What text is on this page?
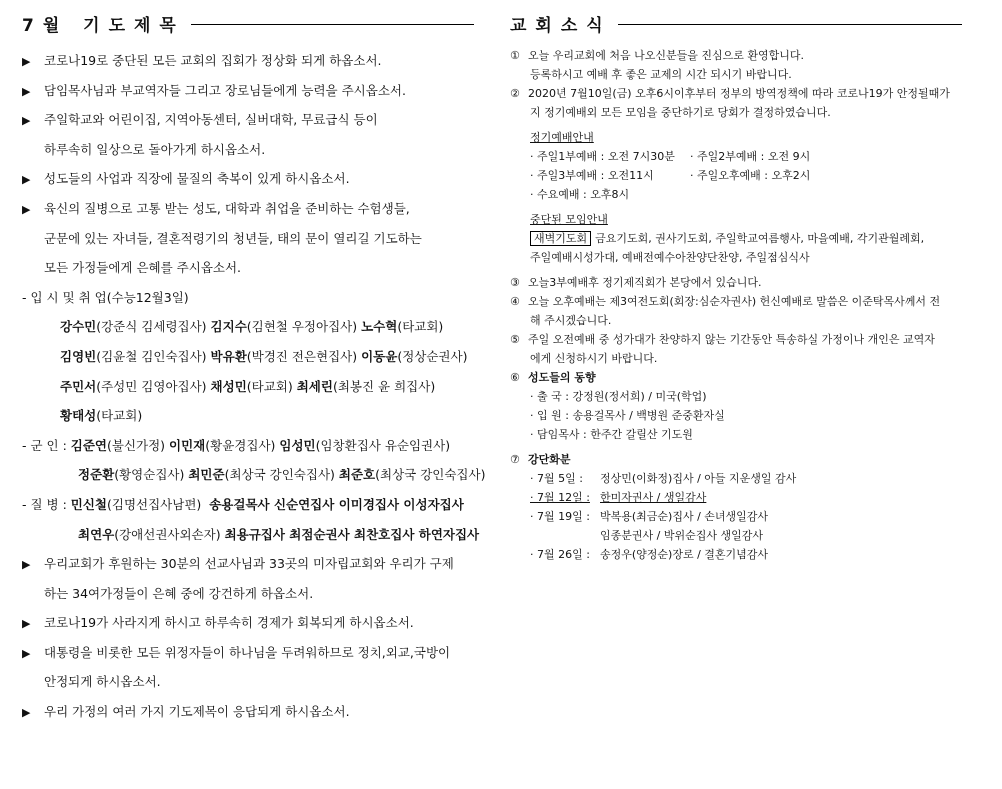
7월 기도제목
▶ 코로나19로 중단된 모든 교회의 집회가 정상화 되게 하옵소서.
▶ 담임목사님과 부교역자들 그리고 장로님들에게 능력을 주시옵소서.
▶ 주일학교와 어린이집, 지역아동센터, 실버대학, 무료급식 등이
하루속히 일상으로 돌아가게 하시옵소서.
▶ 성도들의 사업과 직장에 물질의 축복이 있게 하시옵소서.
▶ 육신의 질병으로 고통 받는 성도, 대학과 취업을 준비하는 수험생들,
군문에 있는 자녀들, 결혼적령기의 청년들, 태의 문이 열리길 기도하는
모든 가정들에게 은혜를 주시옵소서.
- 입 시 및 취 업(수능12월3일)
강수민(강준식 김세령집사) 김지수(김현철 우정아집사) 노수혁(타교회)
김영빈(김윤철 김인숙집사) 박유환(박경진 전은현집사) 이동윤(정상순권사)
주민서(주성민 김영아집사) 채성민(타교회) 최세린(최봉진 윤 희집사)
황태성(타교회)
- 군 인 : 김준연(불신가정) 이민재(황윤경집사) 임성민(임창환집사 유순임권사)
정준환(황영순집사) 최민준(최상국 강인숙집사) 최준호(최상국 강인숙집사)
- 질 병 : 민신철(김명선집사남편) 송용걸목사 신순연집사 이미경집사 이성자집사
최연우(강애선권사외손자) 최용규집사 최점순권사 최찬호집사 하연자집사
▶ 우리교회가 후원하는 30분의 선교사님과 33곳의 미자립교회와 우리가 구제
하는 34여가정들이 은혜 중에 강건하게 하옵소서.
▶ 코로나19가 사라지게 하시고 하루속히 경제가 회복되게 하시옵소서.
▶ 대통령을 비롯한 모든 위정자들이 하나님을 두려워하므로 정치,외교,국방이
안정되게 하시옵소서.
▶ 우리 가정의 여러 가지 기도제목이 응답되게 하시옵소서.
교회소식
① 오늘 우리교회에 처음 나오신분들을 진심으로 환영합니다.
등록하시고 예배 후 좋은 교제의 시간 되시기 바랍니다.
② 2020년 7월10일(금) 오후6시이후부터 정부의 방역정책에 따라 코로나19가 안정될때가
지 정기예배외 모든 모임을 중단하기로 당회가 결정하였습니다.
정기예배안내
· 주일1부예배 : 오전 7시30분 · 주일2부예배 : 오전 9시
· 주일3부예배 : 오전11시	· 주일오후예배 : 오후2시
· 수요예배 : 오후8시
중단된 모임안내
새벽기도회 금요기도회, 권사기도회, 주일학교여름행사, 마을예배, 각기관월례회,
주일예배시성가대, 예배전예수아찬양단찬양, 주일점심식사
③ 오늘3부예배후 정기제직회가 본당에서 있습니다.
④ 오늘 오후예배는 제3여전도회(회장:심순자권사) 헌신예배로 말씀은 이준탁목사께서 전
해 주시겠습니다.
⑤ 주일 오전예배 중 성가대가 찬양하지 않는 기간동안 특송하실 가정이나 개인은 교역자
에게 신청하시기 바랍니다.
⑥ 성도들의 동향
· 출 국 : 강정원(정서희) / 미국(학업)
· 입 원 : 송용걸목사 / 백병원 준중환자실
· 담임목사 : 한주간 갈릴산 기도원
⑦ 강단화분
· 7월 5일 :정상민(이화정)집사 / 아들 지운생일 감사
· 7월 12일 :한미자권사 / 생일감사
· 7월 19일 :박복용(최금순)집사 / 손녀생일감사
임종분권사 / 박위순집사 생일감사
· 7월 26일 :송정우(양정순)장로 / 결혼기념감사
